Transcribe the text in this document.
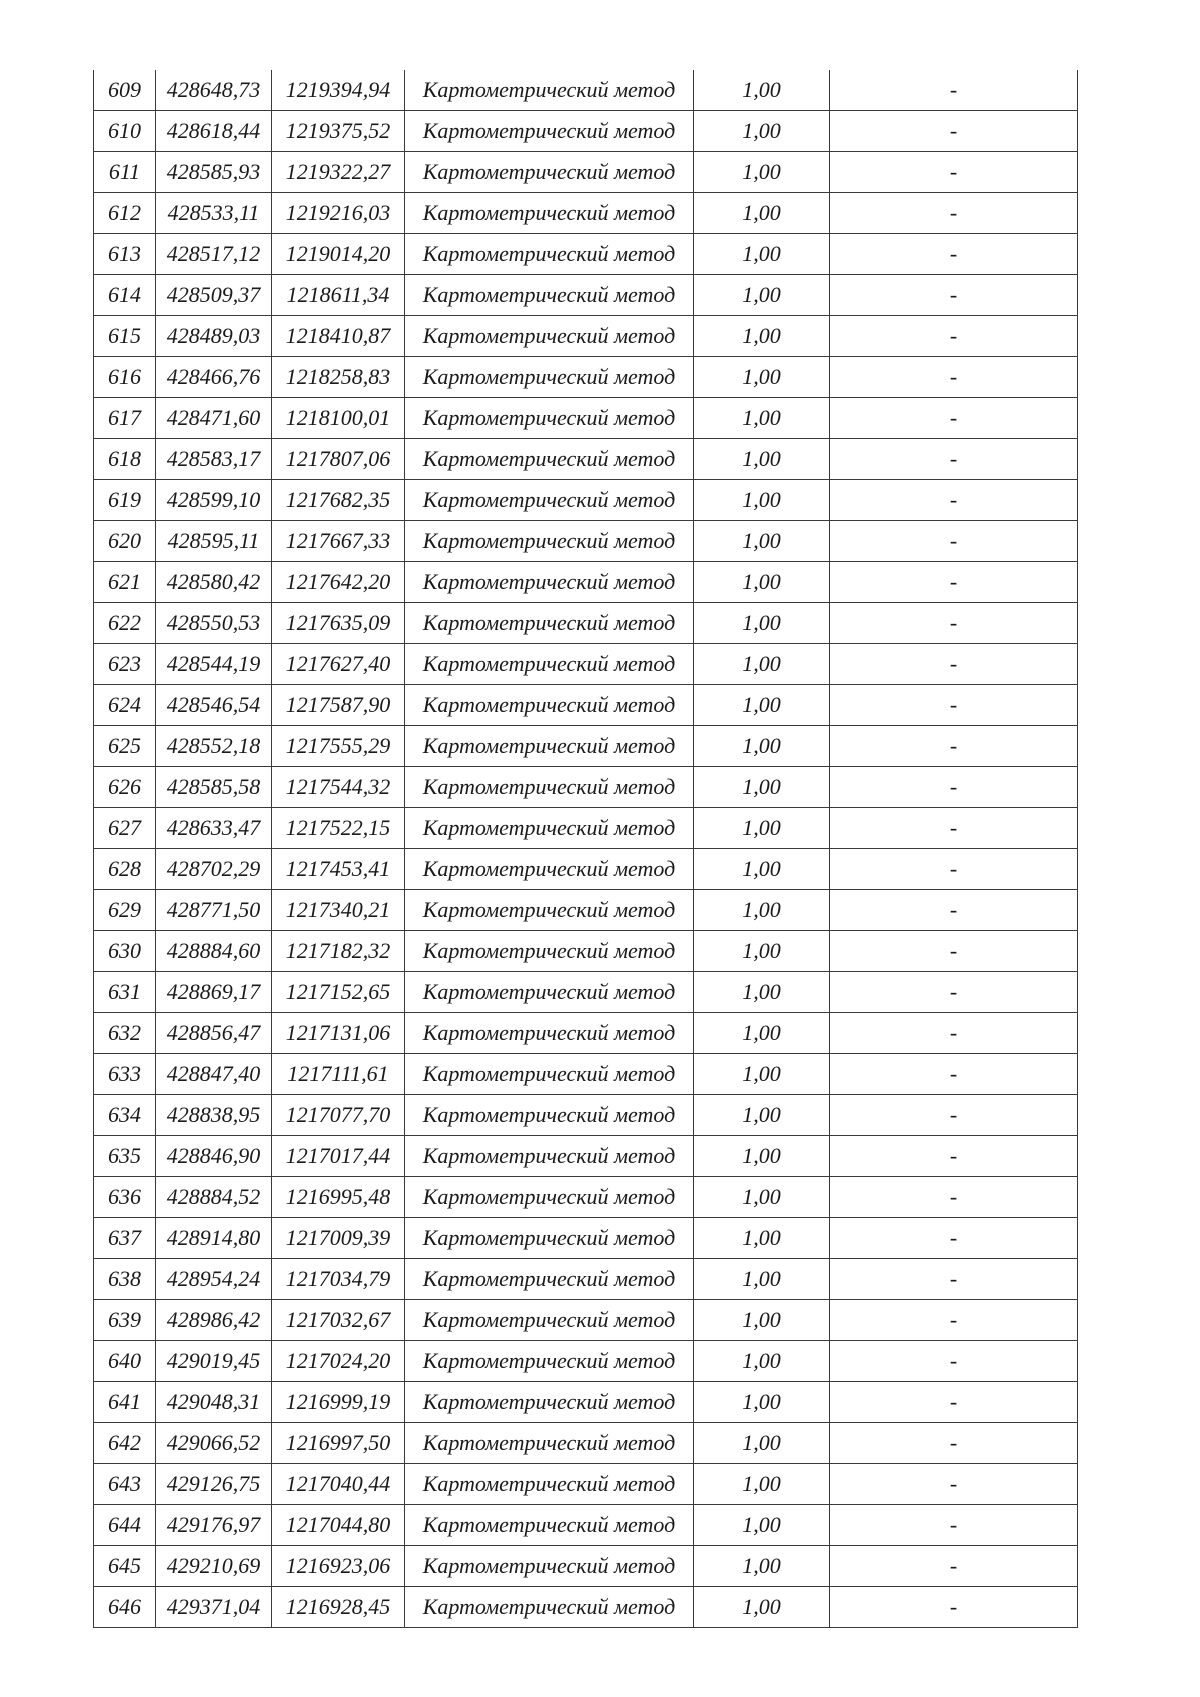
609	428648,73	1219394,94	Картометрический метод	1,00	-
610	428618,44	1219375,52	Картометрический метод	1,00	-
611	428585,93	1219322,27	Картометрический метод	1,00	-
612	428533,11	1219216,03	Картометрический метод	1,00	-
613	428517,12	1219014,20	Картометрический метод	1,00	-
614	428509,37	1218611,34	Картометрический метод	1,00	-
615	428489,03	1218410,87	Картометрический метод	1,00	-
616	428466,76	1218258,83	Картометрический метод	1,00	-
617	428471,60	1218100,01	Картометрический метод	1,00	-
618	428583,17	1217807,06	Картометрический метод	1,00	-
619	428599,10	1217682,35	Картометрический метод	1,00	-
620	428595,11	1217667,33	Картометрический метод	1,00	-
621	428580,42	1217642,20	Картометрический метод	1,00	-
622	428550,53	1217635,09	Картометрический метод	1,00	-
623	428544,19	1217627,40	Картометрический метод	1,00	-
624	428546,54	1217587,90	Картометрический метод	1,00	-
625	428552,18	1217555,29	Картометрический метод	1,00	-
626	428585,58	1217544,32	Картометрический метод	1,00	-
627	428633,47	1217522,15	Картометрический метод	1,00	-
628	428702,29	1217453,41	Картометрический метод	1,00	-
629	428771,50	1217340,21	Картометрический метод	1,00	-
630	428884,60	1217182,32	Картометрический метод	1,00	-
631	428869,17	1217152,65	Картометрический метод	1,00	-
632	428856,47	1217131,06	Картометрический метод	1,00	-
633	428847,40	1217111,61	Картометрический метод	1,00	-
634	428838,95	1217077,70	Картометрический метод	1,00	-
635	428846,90	1217017,44	Картометрический метод	1,00	-
636	428884,52	1216995,48	Картометрический метод	1,00	-
637	428914,80	1217009,39	Картометрический метод	1,00	-
638	428954,24	1217034,79	Картометрический метод	1,00	-
639	428986,42	1217032,67	Картометрический метод	1,00	-
640	429019,45	1217024,20	Картометрический метод	1,00	-
641	429048,31	1216999,19	Картометрический метод	1,00	-
642	429066,52	1216997,50	Картометрический метод	1,00	-
643	429126,75	1217040,44	Картометрический метод	1,00	-
644	429176,97	1217044,80	Картометрический метод	1,00	-
645	429210,69	1216923,06	Картометрический метод	1,00	-
646	429371,04	1216928,45	Картометрический метод	1,00	-
